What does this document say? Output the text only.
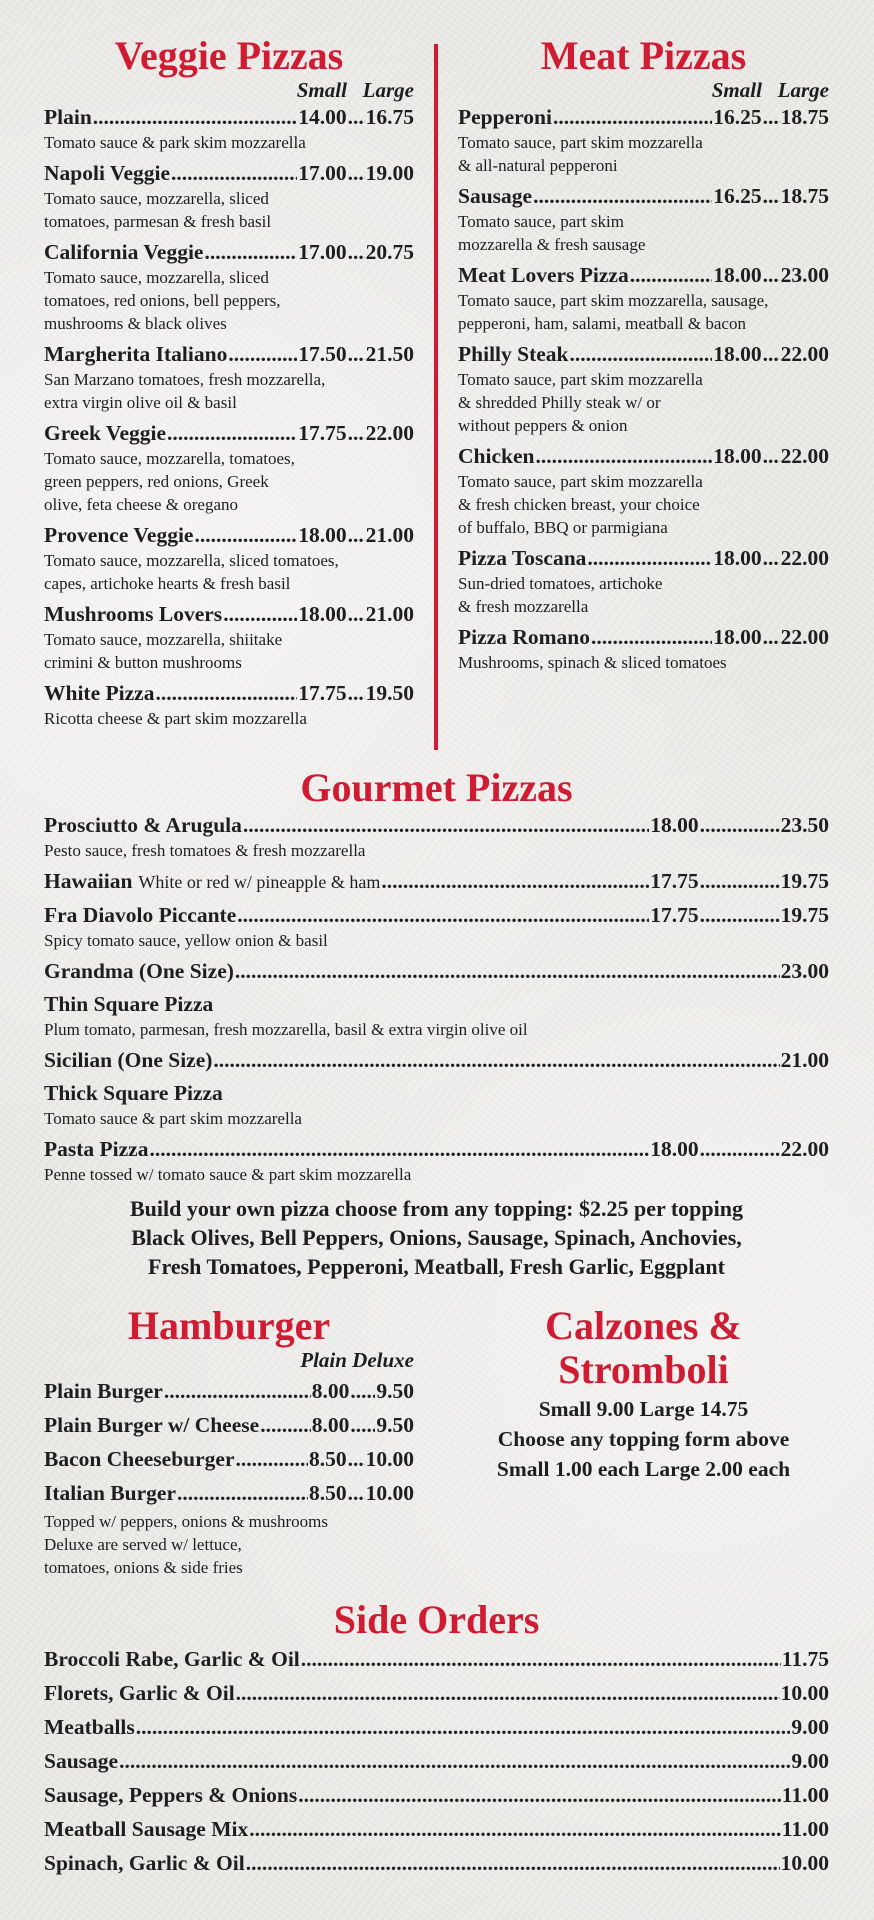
Veggie Pizzas
Small Large
Plain .....	14.00 ..... 16.75
Tomato sauce & park skim mozzarella
Napoli Veggie .....	17.00 ..... 19.00
Tomato sauce, mozzarella, sliced
tomatoes, parmesan & fresh basil
California Veggie .....	17.00 ..... 20.75
Tomato sauce, mozzarella, sliced
tomatoes, red onions, bell peppers,
mushrooms & black olives
Margherita Italiano .....	17.50 ..... 21.50
San Marzano tomatoes, fresh mozzarella,
extra virgin olive oil & basil
Greek Veggie .....	17.75 ..... 22.00
Tomato sauce, mozzarella, tomatoes,
green peppers, red onions, Greek
olive, feta cheese & oregano
Provence Veggie .....	18.00 ..... 21.00
Tomato sauce, mozzarella, sliced tomatoes,
capes, artichoke hearts & fresh basil
Mushrooms Lovers .....	18.00 ..... 21.00
Tomato sauce, mozzarella, shiitake
crimini & button mushrooms
White Pizza .....	17.75 ..... 19.50
Ricotta cheese & part skim mozzarella
Meat Pizzas
Small Large
Pepperoni .....	16.25 ..... 18.75
Tomato sauce, part skim mozzarella
& all-natural pepperoni
Sausage .....	16.25 ..... 18.75
Tomato sauce, part skim
mozzarella & fresh sausage
Meat Lovers Pizza .....	18.00 ..... 23.00
Tomato sauce, part skim mozzarella, sausage,
pepperoni, ham, salami, meatball & bacon
Philly Steak .....	18.00 ..... 22.00
Tomato sauce, part skim mozzarella
& shredded Philly steak w/ or
without peppers & onion
Chicken .....	18.00 ..... 22.00
Tomato sauce, part skim mozzarella
& fresh chicken breast, your choice
of buffalo, BBQ or parmigiana
Pizza Toscana .....	18.00 ..... 22.00
Sun-dried tomatoes, artichoke
& fresh mozzarella
Pizza Romano .....	18.00 ..... 22.00
Mushrooms, spinach & sliced tomatoes
Gourmet Pizzas
Prosciutto & Arugula .....	18.00 .....	23.50
Pesto sauce, fresh tomatoes & fresh mozzarella
Hawaiian White or red w/ pineapple & ham .....	17.75 .....	19.75
Fra Diavolo Piccante .....	17.75 .....	19.75
Spicy tomato sauce, yellow onion & basil
Grandma (One Size) .....	23.00
Thin Square Pizza
Plum tomato, parmesan, fresh mozzarella, basil & extra virgin olive oil
Sicilian (One Size) .....	21.00
Thick Square Pizza
Tomato sauce & part skim mozzarella
Pasta Pizza .....	18.00 .....	22.00
Penne tossed w/ tomato sauce & part skim mozzarella
Build your own pizza choose from any topping: $2.25 per topping
Black Olives, Bell Peppers, Onions, Sausage, Spinach, Anchovies,
Fresh Tomatoes, Pepperoni, Meatball, Fresh Garlic, Eggplant
Hamburger
Plain Deluxe
Plain Burger .....	8.00 ..... 9.50
Plain Burger w/ Cheese ..... 8.00 ..... 9.50
Bacon Cheeseburger .....	8.50 ..... 10.00
Italian Burger .....	8.50 ..... 10.00
Topped w/ peppers, onions & mushrooms
Deluxe are served w/ lettuce,
tomatoes, onions & side fries
Calzones &
Stromboli
Small 9.00 Large 14.75
Choose any topping form above
Small 1.00 each Large 2.00 each
Side Orders
Broccoli Rabe, Garlic & Oil .....	11.75
Florets, Garlic & Oil .....	10.00
Meatballs .....	9.00
Sausage .....	9.00
Sausage, Peppers & Onions .....	11.00
Meatball Sausage Mix .....	11.00
Spinach, Garlic & Oil .....	10.00
